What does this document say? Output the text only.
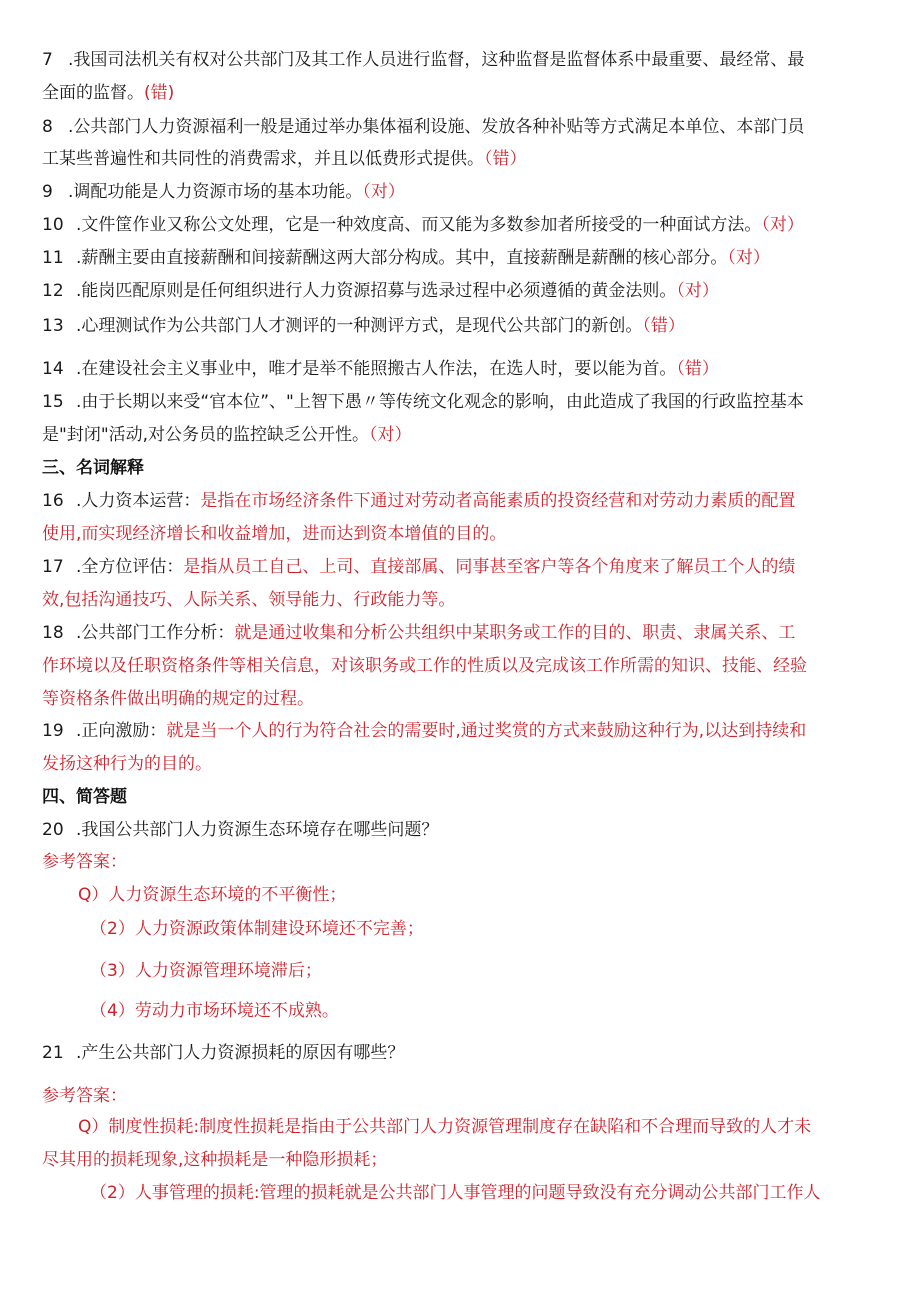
7 .我国司法机关有权对公共部门及其工作人员进行监督，这种监督是监督体系中最重要、最经常、最
全面的监督。(错)
8 .公共部门人力资源福利一般是通过举办集体福利设施、发放各种补贴等方式满足本单位、本部门员
工某些普遍性和共同性的消费需求，并且以低费形式提供。（错）
9 .调配功能是人力资源市场的基本功能。（对）
10 .文件筐作业又称公文处理，它是一种效度高、而又能为多数参加者所接受的一种面试方法。（对）
11 .薪酬主要由直接薪酬和间接薪酬这两大部分构成。其中，直接薪酬是薪酬的核心部分。（对）
12 .能岗匹配原则是任何组织进行人力资源招募与选录过程中必须遵循的黄金法则。（对）
13 .心理测试作为公共部门人才测评的一种测评方式，是现代公共部门的新创。（错）
14 .在建设社会主义事业中，唯才是举不能照搬古人作法，在选人时，要以能为首。（错）
15 .由于长期以来受“官本位”、"上智下愚〃等传统文化观念的影响，由此造成了我国的行政监控基本
是"封闭"活动,对公务员的监控缺乏公开性。（对）
三、名词解释
16 .人力资本运营：是指在市场经济条件下通过对劳动者高能素质的投资经营和对劳动力素质的配置
使用,而实现经济增长和收益增加，进而达到资本增值的目的。
17 .全方位评估：是指从员工自己、上司、直接部属、同事甚至客户等各个角度来了解员工个人的绩
效,包括沟通技巧、人际关系、领导能力、行政能力等。
18 .公共部门工作分析：就是通过收集和分析公共组织中某职务或工作的目的、职责、隶属关系、工
作环境以及任职资格条件等相关信息，对该职务或工作的性质以及完成该工作所需的知识、技能、经验
等资格条件做出明确的规定的过程。
19 .正向激励：就是当一个人的行为符合社会的需要时,通过奖赏的方式来鼓励这种行为,以达到持续和
发扬这种行为的目的。
四、简答题
20 .我国公共部门人力资源生态环境存在哪些问题？
参考答案：
Q）人力资源生态环境的不平衡性；
（2）人力资源政策体制建设环境还不完善；
（3）人力资源管理环境滞后；
（4）劳动力市场环境还不成熟。
21 .产生公共部门人力资源损耗的原因有哪些？
参考答案：
Q）制度性损耗:制度性损耗是指由于公共部门人力资源管理制度存在缺陷和不合理而导致的人才未
尽其用的损耗现象,这种损耗是一种隐形损耗；
（2）人事管理的损耗:管理的损耗就是公共部门人事管理的问题导致没有充分调动公共部门工作人
